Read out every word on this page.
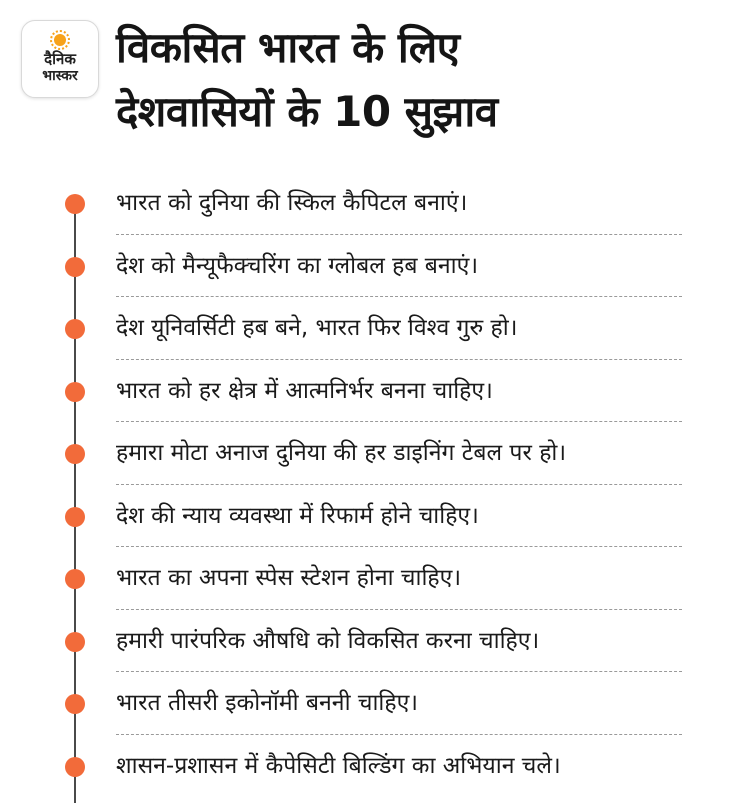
दैनिक
भास्कर
विकसित भारत के लिए
देशवासियों के 10 सुझाव
भारत को दुनिया की स्किल कैपिटल बनाएं।
देश को मैन्यूफैक्चरिंग का ग्लोबल हब बनाएं।
देश यूनिवर्सिटी हब बने, भारत फिर विश्व गुरु हो।
भारत को हर क्षेत्र में आत्मनिर्भर बनना चाहिए।
हमारा मोटा अनाज दुनिया की हर डाइनिंग टेबल पर हो।
देश की न्याय व्यवस्था में रिफार्म होने चाहिए।
भारत का अपना स्पेस स्टेशन होना चाहिए।
हमारी पारंपरिक औषधि को विकसित करना चाहिए।
भारत तीसरी इकोनॉमी बननी चाहिए।
शासन-प्रशासन में कैपेसिटी बिल्डिंग का अभियान चले।
